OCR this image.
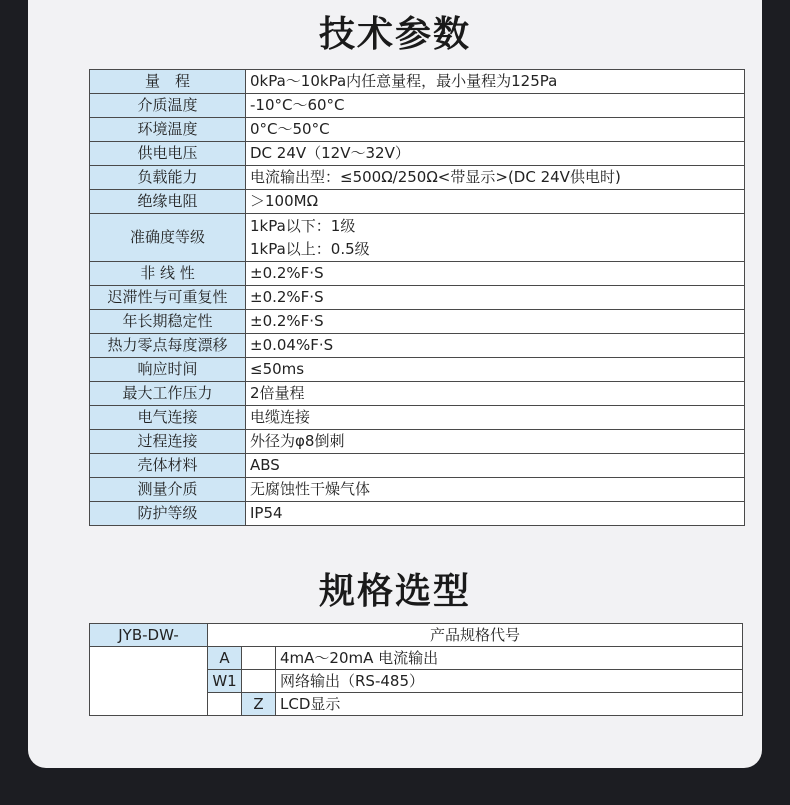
技术参数
规格选型
量　程	0kPa～10kPa内任意量程，最小量程为125Pa
介质温度	-10°C～60°C
环境温度	0°C～50°C
供电电压	DC 24V（12V～32V）
负载能力	电流输出型：≤500Ω/250Ω<带显示>(DC 24V供电时)
绝缘电阻	＞100MΩ
准确度等级	1kPa以下：1级
1kPa以上：0.5级

非 线 性	±0.2%F·S
迟滞性与可重复性	±0.2%F·S
年长期稳定性	±0.2%F·S
热力零点每度漂移	±0.04%F·S
响应时间	≤50ms
最大工作压力	2倍量程
电气连接	电缆连接
过程连接	外径为φ8倒刺
壳体材料	ABS
测量介质	无腐蚀性干燥气体
防护等级	IP54
JYB-DW-	产品规格代号		
	A		4mA～20mA 电流输出
	W1		网络输出（RS-485）
		Z	LCD显示
